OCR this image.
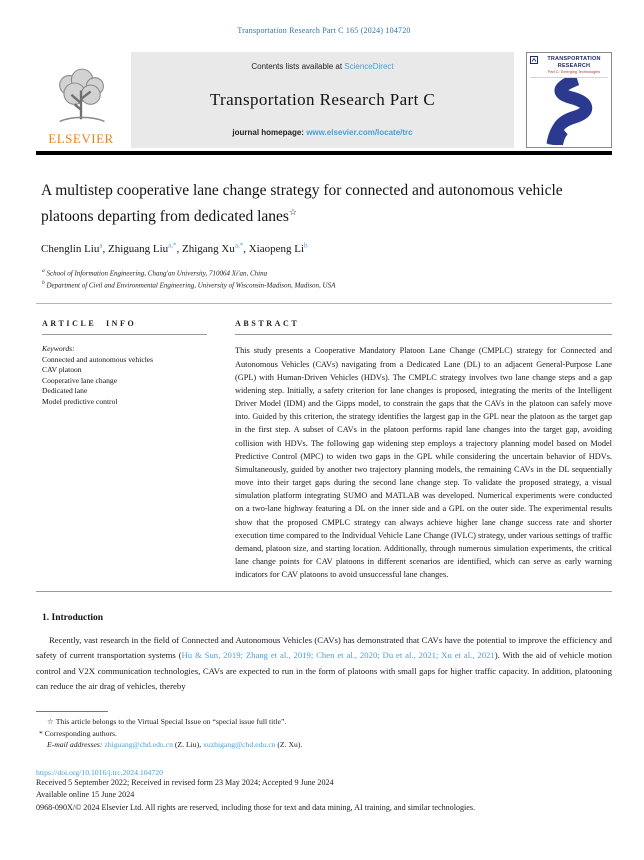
Transportation Research Part C 165 (2024) 104720
ELSEVIER
Contents lists available at ScienceDirect
Transportation Research Part C
journal homepage: www.elsevier.com/locate/trc
TRANSPORTATION
RESEARCH
Part C: Emerging Technologies
A multistep cooperative lane change strategy for connected and autonomous vehicle platoons departing from dedicated lanes☆
Chenglin Liu$^a$, Zhiguang Liu$^{a,*}$, Zhigang $Xu^{a,*}$, Xiaopeng Li$^b$
$^a$ School of Information Engineering, Chang'an University, 710064 Xi'an, China
$^b$ Department of Civil and Environmental Engineering, University of Wisconsin-Madison, Madison, USA
ARTICLE INFO
Keywords:
Connected and autonomous vehicles
CAV platoon
Cooperative lane change
Dedicated lane
Model predictive control
ABSTRACT

This study presents a Cooperative Mandatory Platoon Lane Change (CMPLC) strategy for Connected and Autonomous Vehicles (CAVs) navigating from a Dedicated Lane (DL) to an adjacent General-Purpose Lane (GPL) with Human-Driven Vehicles (HDVs). The CMPLC strategy involves two lane change steps and a gap widening step. Initially, a safety criterion for lane changes is proposed, integrating the merits of the Intelligent Driver Model (IDM) and the Gipps model, to constrain the gaps that the CAVs in the platoon can safely move into. Guided by this criterion, the strategy identifies the largest gap in the GPL near the platoon as the target gap in the first step. A subset of CAVs in the platoon performs rapid lane changes into the target gap, avoiding collision with HDVs. The following gap widening step employs a trajectory planning model based on Model Predictive Control (MPC) to widen two gaps in the GPL while considering the uncertain behavior of HDVs. Simultaneously, guided by another two trajectory planning models, the remaining CAVs in the DL sequentially move into their target gaps during the second lane change step. To validate the proposed strategy, a visual simulation platform integrating SUMO and MATLAB was developed. Numerical experiments were conducted on a two-lane highway featuring a DL on the inner side and a GPL on the outer side. The experimental results show that the proposed CMPLC strategy can always achieve higher lane change success rate and shorter execution time compared to the Individual Vehicle Lane Change (IVLC) strategy, under various settings of traffic demand, platoon size, and starting location. Additionally, through numerous simulation experiments, the critical lane change points for CAV platoons in different scenarios are identified, which can serve as early warning indicators for CAV platoons to avoid unsuccessful lane changes.

1. Introduction

Recently, vast research in the field of Connected and Autonomous Vehicles (CAVs) has demonstrated that CAVs have the potential to improve the efficiency and safety of current transportation systems (Hu & Sun, 2019; Zhang et al., 2019; Chen et al., 2020; Du et al., 2021; Xu et al., 2021). With the aid of vehicle motion control and V2X communication technologies, CAVs are expected to run in the form of platoons with small gaps for higher traffic capacity. In addition, platooning can reduce the air drag of vehicles, thereby

☆ This article belongs to the Virtual Special Issue on “special issue full title”.
* Corresponding authors.
E-mail addresses: zhiguang@chd.edu.cn (Z. Liu), xuzhigang@chd.edu.cn (Z. Xu).
https://doi.org/10.1016/j.trc.2024.104720
Received 5 September 2022; Received in revised form 23 May 2024; Accepted 9 June 2024
Available online 15 June 2024
0968-090X/© 2024 Elsevier Ltd. All rights are reserved, including those for text and data mining, AI training, and similar technologies.
